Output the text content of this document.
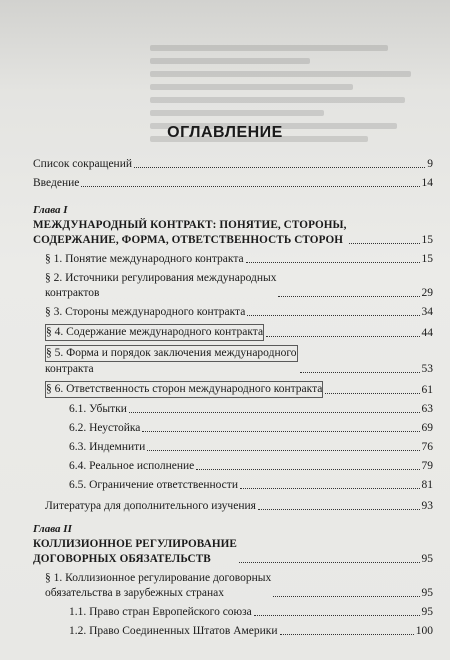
ОГЛАВЛЕНИЕ
Список сокращений	9
Введение	14
Глава I
МЕЖДУНАРОДНЫЙ КОНТРАКТ: ПОНЯТИЕ, СТОРОНЫ,
СОДЕРЖАНИЕ, ФОРМА, ОТВЕТСТВЕННОСТЬ СТОРОН	15
§ 1. Понятие международного контракта	15
§ 2. Источники регулирования международных
контрактов	29
§ 3. Стороны международного контракта	34
§ 4. Содержание международного контракта	44
§ 5. Форма и порядок заключения международного
контракта	53
§ 6. Ответственность сторон международного контракта	61
6.1. Убытки	63
6.2. Неустойка	69
6.3. Индемнити	76
6.4. Реальное исполнение	79
6.5. Ограничение ответственности	81
Литература для дополнительного изучения	93
Глава II
КОЛЛИЗИОННОЕ РЕГУЛИРОВАНИЕ
ДОГОВОРНЫХ ОБЯЗАТЕЛЬСТВ	95
§ 1. Коллизионное регулирование договорных
обязательства в зарубежных странах	95
1.1. Право стран Европейского союза	95
1.2. Право Соединенных Штатов Америки	100
